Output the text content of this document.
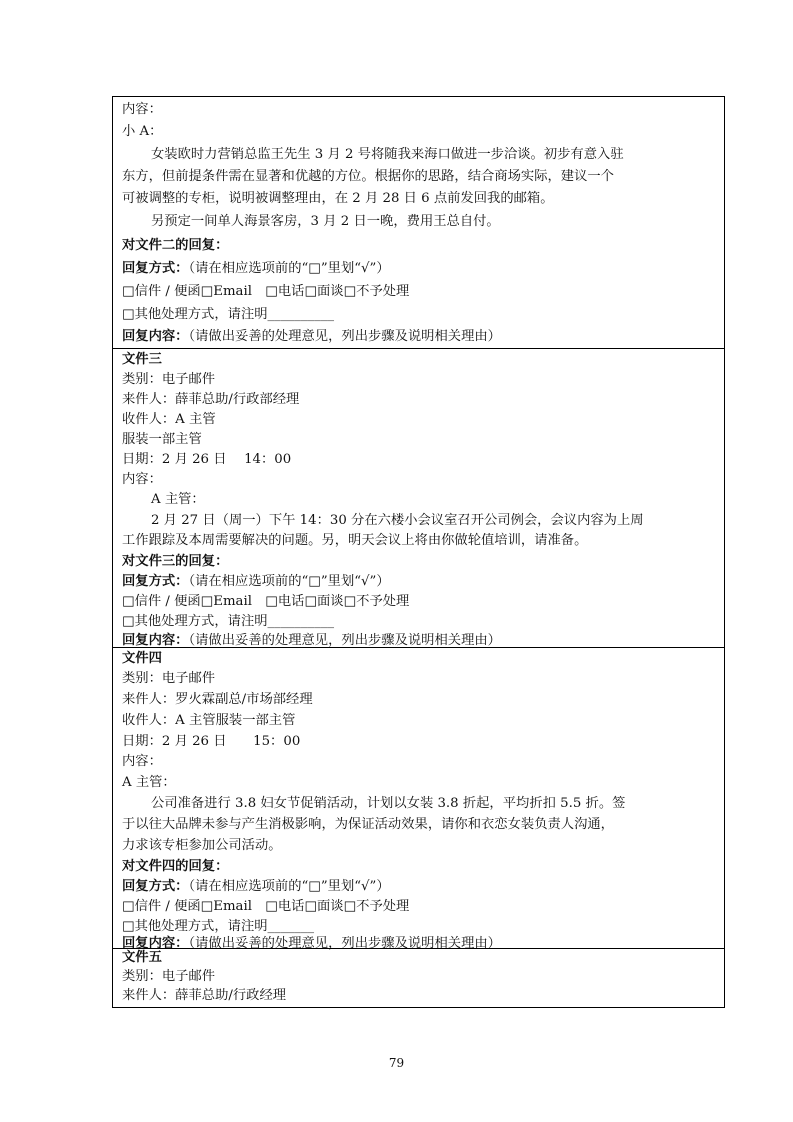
内容：
小 A：
女装欧时力营销总监王先生 3 月 2 号将随我来海口做进一步洽谈。初步有意入驻
东方，但前提条件需在显著和优越的方位。根据你的思路，结合商场实际，建议一个
可被调整的专柜，说明被调整理由，在 2 月 28 日 6 点前发回我的邮箱。
另预定一间单人海景客房，3 月 2 日一晚，费用王总自付。
对文件二的回复：
回复方式：（请在相应选项前的“□”里划“√”）
□信件 / 便函□Email　□电话□面谈□不予处理
□其他处理方式，请注明__________
回复内容：（请做出妥善的处理意见，列出步骤及说明相关理由）
文件三
类别：电子邮件
来件人：薛菲总助/行政部经理
收件人：A 主管
服装一部主管
日期：2 月 26 日　 14：00
内容：
A 主管：
2 月 27 日（周一）下午 14：30 分在六楼小会议室召开公司例会，会议内容为上周
工作跟踪及本周需要解决的问题。另，明天会议上将由你做轮值培训，请准备。
对文件三的回复：
回复方式：（请在相应选项前的“□”里划“√”）
□信件 / 便函□Email　□电话□面谈□不予处理
□其他处理方式，请注明__________
回复内容：（请做出妥善的处理意见，列出步骤及说明相关理由）
文件四
类别：电子邮件
来件人：罗火霖副总/市场部经理
收件人：A 主管服装一部主管
日期：2 月 26 日　　15：00
内容：
A 主管：
公司准备进行 3.8 妇女节促销活动，计划以女装 3.8 折起，平均折扣 5.5 折。签
于以往大品牌未参与产生消极影响，为保证活动效果，请你和衣恋女装负责人沟通，
力求该专柜参加公司活动。
对文件四的回复：
回复方式：（请在相应选项前的“□”里划“√”）
□信件 / 便函□Email　□电话□面谈□不予处理
□其他处理方式，请注明_______
回复内容：（请做出妥善的处理意见，列出步骤及说明相关理由）
文件五
类别：电子邮件
来件人：薛菲总助/行政经理
79
